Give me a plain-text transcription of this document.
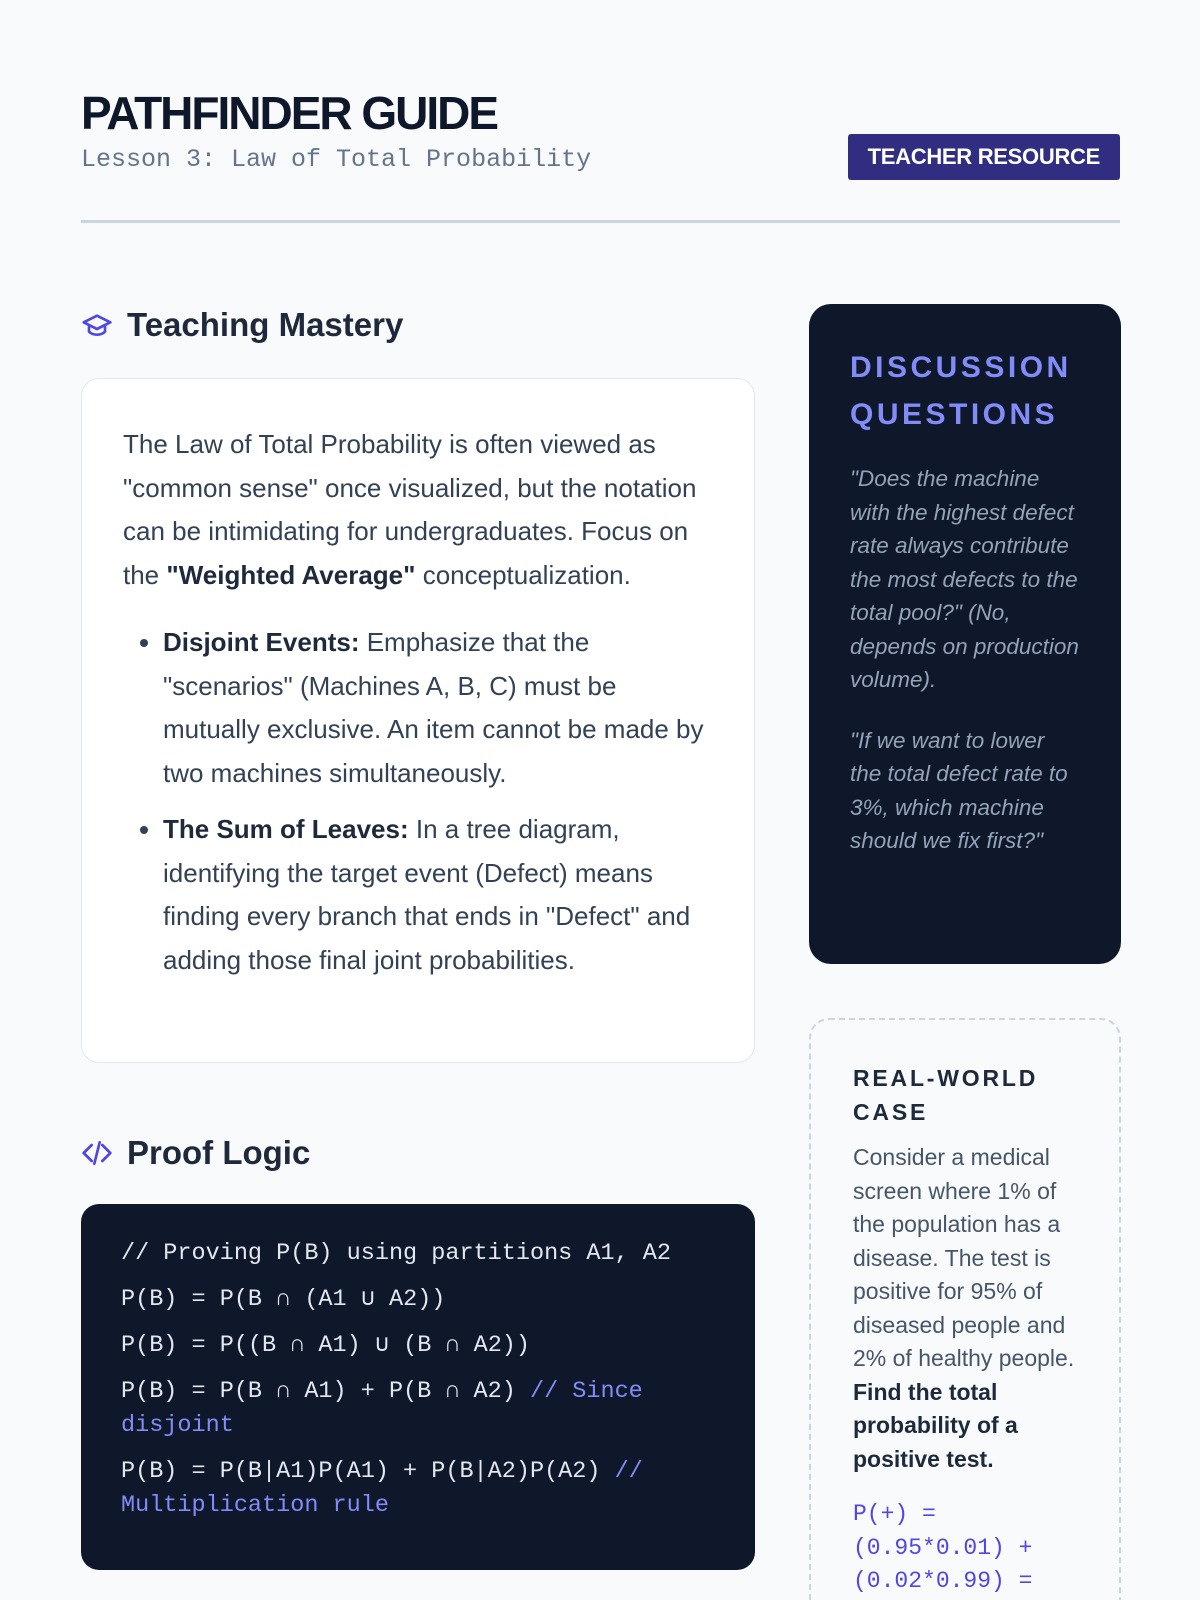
PATHFINDER GUIDE
Lesson 3: Law of Total Probability	TEACHER RESOURCE
Teaching Mastery

The Law of Total Probability is often viewed as "common sense" once visualized, but the notation can be intimidating for undergraduates. Focus on the "Weighted Average" conceptualization.

• Disjoint Events: Emphasize that the "scenarios" (Machines A, B, C) must be mutually exclusive. An item cannot be made by two machines simultaneously.
• The Sum of Leaves: In a tree diagram, identifying the target event (Defect) means finding every branch that ends in "Defect" and adding those final joint probabilities.
Proof Logic
// Proving P(B) using partitions A1, A2
P(B) = P(B ∩ (A1 ∪ A2))
P(B) = P((B ∩ A1) ∪ (B ∩ A2))
P(B) = P(B ∩ A1) + P(B ∩ A2) // Since disjoint
P(B) = P(B|A1)P(A1) + P(B|A2)P(A2) // Multiplication rule
DISCUSSION QUESTIONS

"Does the machine with the highest defect rate always contribute the most defects to the total pool?" (No, depends on production volume).

"If we want to lower the total defect rate to 3%, which machine should we fix first?"

REAL-WORLD CASE

Consider a medical screen where 1% of the population has a disease. The test is positive for 95% of diseased people and 2% of healthy people. Find the total probability of a positive test.

P(+) =
(0.95*0.01) +
(0.02*0.99) =
